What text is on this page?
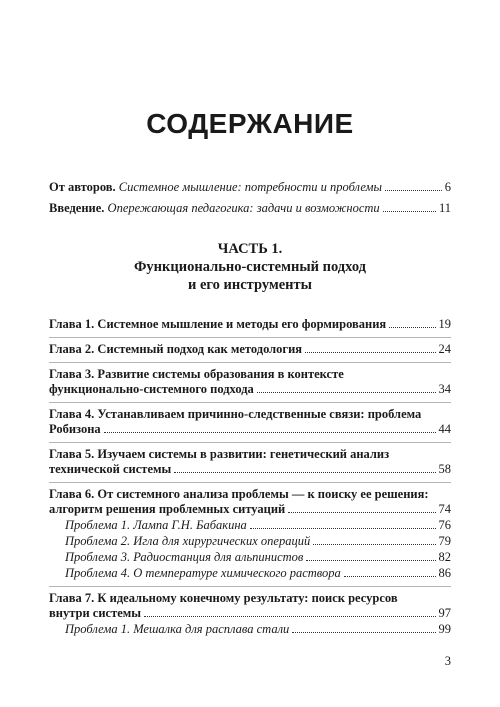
СОДЕРЖАНИЕ
От авторов. Системное мышление: потребности и проблемы	6
Введение. Опережающая педагогика: задачи и возможности	11
ЧАСТЬ 1.
Функционально-системный подход
и его инструменты
Глава 1. Системное мышление и методы его формирования	19
Глава 2. Системный подход как методология	24
Глава 3. Развитие системы образования в контексте
функционально-системного подхода	34
Глава 4. Устанавливаем причинно-следственные связи: проблема
Робизона	44
Глава 5. Изучаем системы в развитии: генетический анализ
технической системы	58
Глава 6. От системного анализа проблемы — к поиску ее решения:
алгоритм решения проблемных ситуаций	74
Проблема 1. Лампа Г.Н. Бабакина	76
Проблема 2. Игла для хирургических операций	79
Проблема 3. Радиостанция для альпинистов	82
Проблема 4. О температуре химического раствора	86
Глава 7. К идеальному конечному результату: поиск ресурсов
внутри системы	97
Проблема 1. Мешалка для расплава стали	99
3
